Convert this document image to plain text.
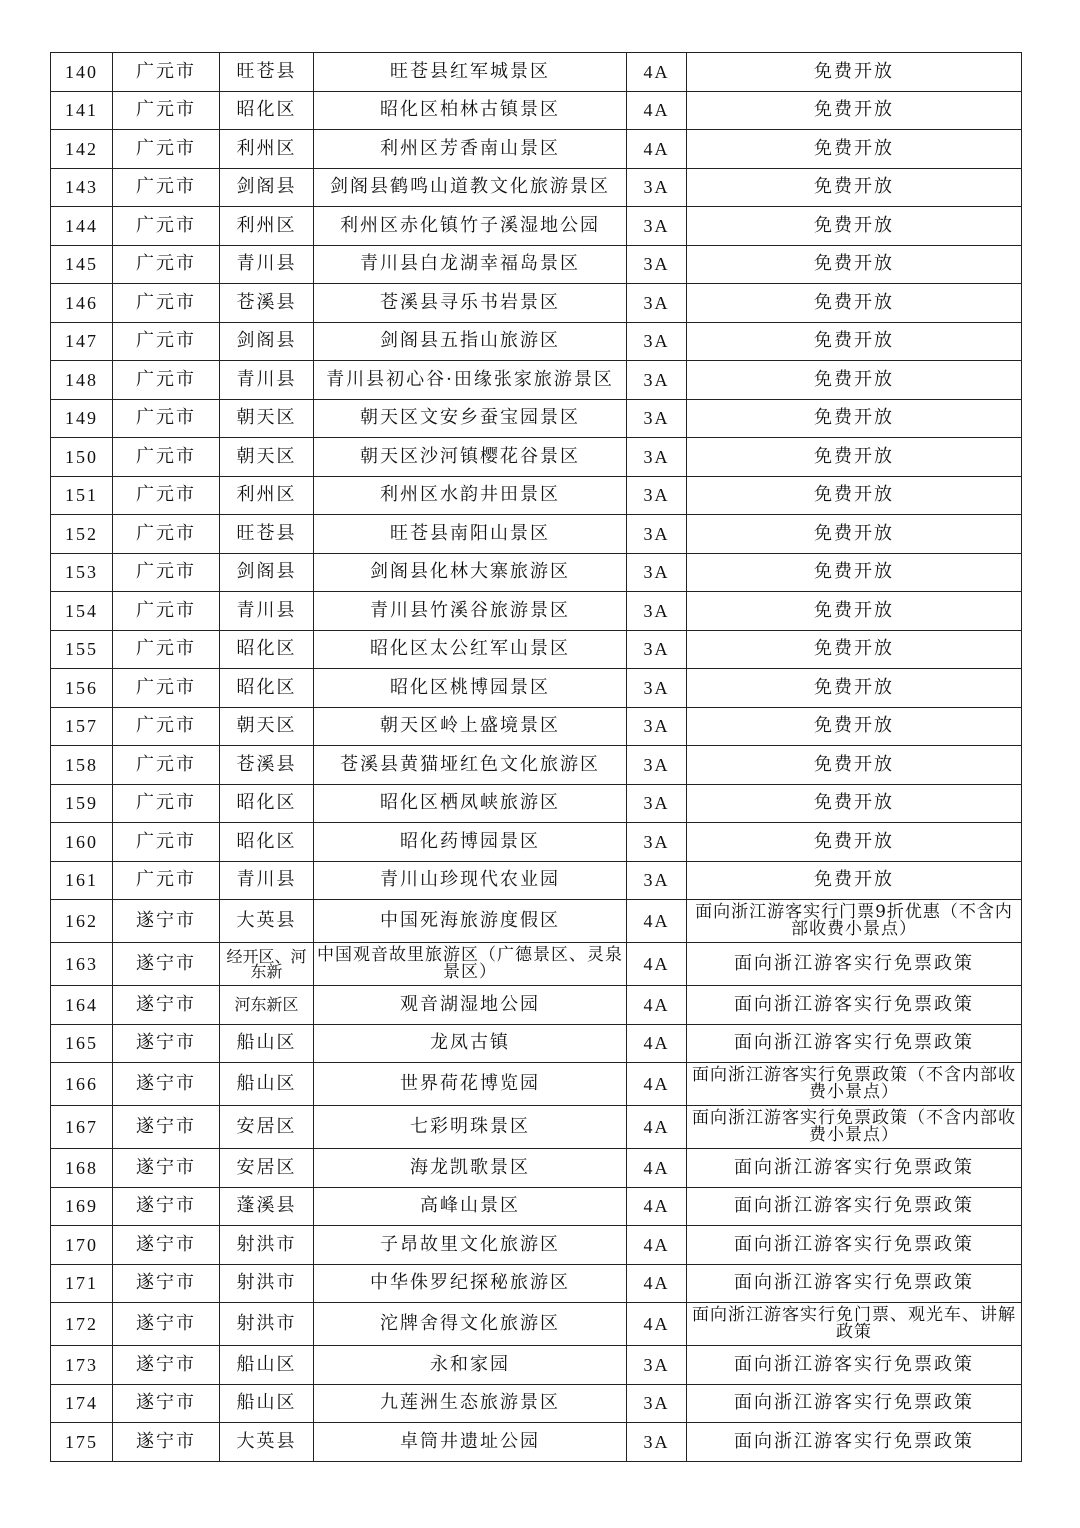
140	广元市	旺苍县	旺苍县红军城景区	4A	免费开放
141	广元市	昭化区	昭化区柏林古镇景区	4A	免费开放
142	广元市	利州区	利州区芳香南山景区	4A	免费开放
143	广元市	剑阁县	剑阁县鹤鸣山道教文化旅游景区	3A	免费开放
144	广元市	利州区	利州区赤化镇竹子溪湿地公园	3A	免费开放
145	广元市	青川县	青川县白龙湖幸福岛景区	3A	免费开放
146	广元市	苍溪县	苍溪县寻乐书岩景区	3A	免费开放
147	广元市	剑阁县	剑阁县五指山旅游区	3A	免费开放
148	广元市	青川县	青川县初心谷·田缘张家旅游景区	3A	免费开放
149	广元市	朝天区	朝天区文安乡蚕宝园景区	3A	免费开放
150	广元市	朝天区	朝天区沙河镇樱花谷景区	3A	免费开放
151	广元市	利州区	利州区水韵井田景区	3A	免费开放
152	广元市	旺苍县	旺苍县南阳山景区	3A	免费开放
153	广元市	剑阁县	剑阁县化林大寨旅游区	3A	免费开放
154	广元市	青川县	青川县竹溪谷旅游景区	3A	免费开放
155	广元市	昭化区	昭化区太公红军山景区	3A	免费开放
156	广元市	昭化区	昭化区桃博园景区	3A	免费开放
157	广元市	朝天区	朝天区岭上盛境景区	3A	免费开放
158	广元市	苍溪县	苍溪县黄猫垭红色文化旅游区	3A	免费开放
159	广元市	昭化区	昭化区栖凤峡旅游区	3A	免费开放
160	广元市	昭化区	昭化药博园景区	3A	免费开放
161	广元市	青川县	青川山珍现代农业园	3A	免费开放
162	遂宁市	大英县	中国死海旅游度假区	4A	面向浙江游客实行门票9折优惠（不含内部收费小景点）
163	遂宁市	经开区、河东新	中国观音故里旅游区（广德景区、灵泉景区）	4A	面向浙江游客实行免票政策
164	遂宁市	河东新区	观音湖湿地公园	4A	面向浙江游客实行免票政策
165	遂宁市	船山区	龙凤古镇	4A	面向浙江游客实行免票政策
166	遂宁市	船山区	世界荷花博览园	4A	面向浙江游客实行免票政策（不含内部收费小景点）
167	遂宁市	安居区	七彩明珠景区	4A	面向浙江游客实行免票政策（不含内部收费小景点）
168	遂宁市	安居区	海龙凯歌景区	4A	面向浙江游客实行免票政策
169	遂宁市	蓬溪县	高峰山景区	4A	面向浙江游客实行免票政策
170	遂宁市	射洪市	子昂故里文化旅游区	4A	面向浙江游客实行免票政策
171	遂宁市	射洪市	中华侏罗纪探秘旅游区	4A	面向浙江游客实行免票政策
172	遂宁市	射洪市	沱牌舍得文化旅游区	4A	面向浙江游客实行免门票、观光车、讲解政策
173	遂宁市	船山区	永和家园	3A	面向浙江游客实行免票政策
174	遂宁市	船山区	九莲洲生态旅游景区	3A	面向浙江游客实行免票政策
175	遂宁市	大英县	卓筒井遗址公园	3A	面向浙江游客实行免票政策
